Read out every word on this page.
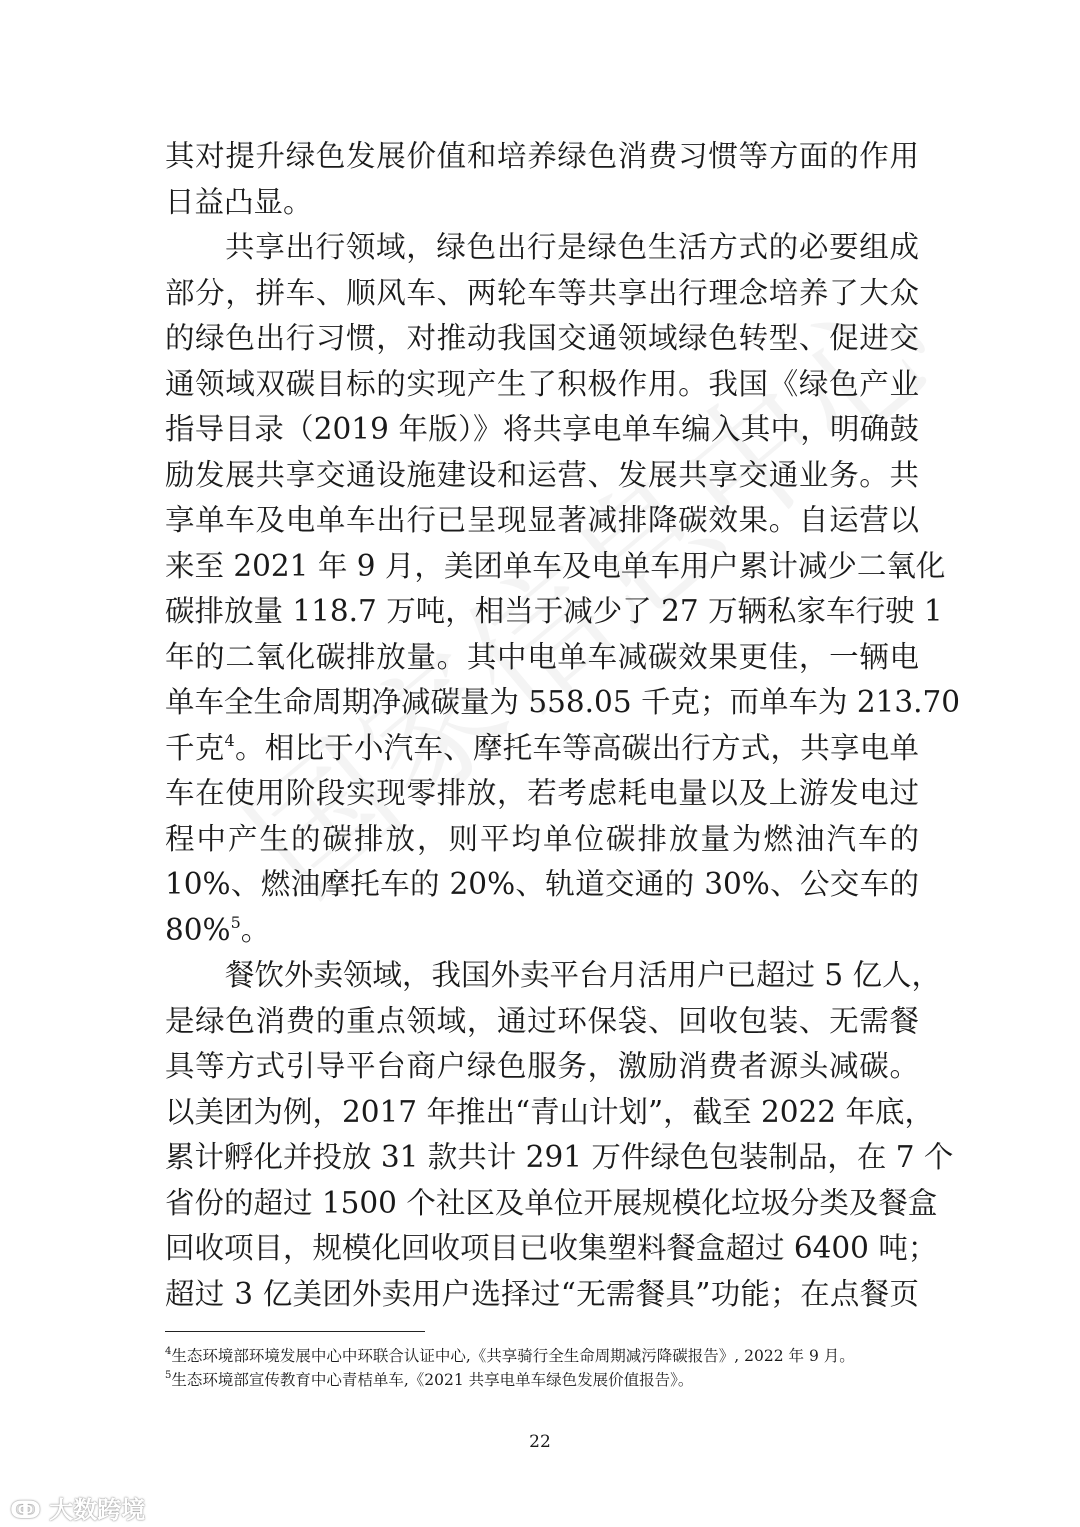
其对提升绿色发展价值和培养绿色消费习惯等方面的作用
日益凸显。
共享出行领域，绿色出行是绿色生活方式的必要组成
部分，拼车、顺风车、两轮车等共享出行理念培养了大众
的绿色出行习惯，对推动我国交通领域绿色转型、促进交
通领域双碳目标的实现产生了积极作用。我国《绿色产业
指导目录（2019 年版）》将共享电单车编入其中，明确鼓
励发展共享交通设施建设和运营、发展共享交通业务。共
享单车及电单车出行已呈现显著减排降碳效果。自运营以
来至 2021 年 9 月，美团单车及电单车用户累计减少二氧化
碳排放量 118.7 万吨，相当于减少了 27 万辆私家车行驶 1
年的二氧化碳排放量。其中电单车减碳效果更佳，一辆电
单车全生命周期净减碳量为 558.05 千克；而单车为 213.70
千克$^4$。相比于小汽车、摩托车等高碳出行方式，共享电单
车在使用阶段实现零排放，若考虑耗电量以及上游发电过
程中产生的碳排放，则平均单位碳排放量为燃油汽车的
10%、燃油摩托车的 20%、轨道交通的 30%、公交车的
80%$^5$。
餐饮外卖领域，我国外卖平台月活用户已超过 5 亿人，
是绿色消费的重点领域，通过环保袋、回收包装、无需餐
具等方式引导平台商户绿色服务，激励消费者源头减碳。
以美团为例，2017 年推出“青山计划”，截至 2022 年底，
累计孵化并投放 31 款共计 291 万件绿色包装制品，在 7 个
省份的超过 1500 个社区及单位开展规模化垃圾分类及餐盒
回收项目，规模化回收项目已收集塑料餐盒超过 6400 吨；
超过 3 亿美团外卖用户选择过“无需餐具”功能；在点餐页
$^4$生态环境部环境发展中心中环联合认证中心,《共享骑行全生命周期减污降碳报告》, 2022 年 9 月。
$^5$生态环境部宣传教育中心青桔单车,《2021 共享电单车绿色发展价值报告》。
22
ↂ 大数跨境
